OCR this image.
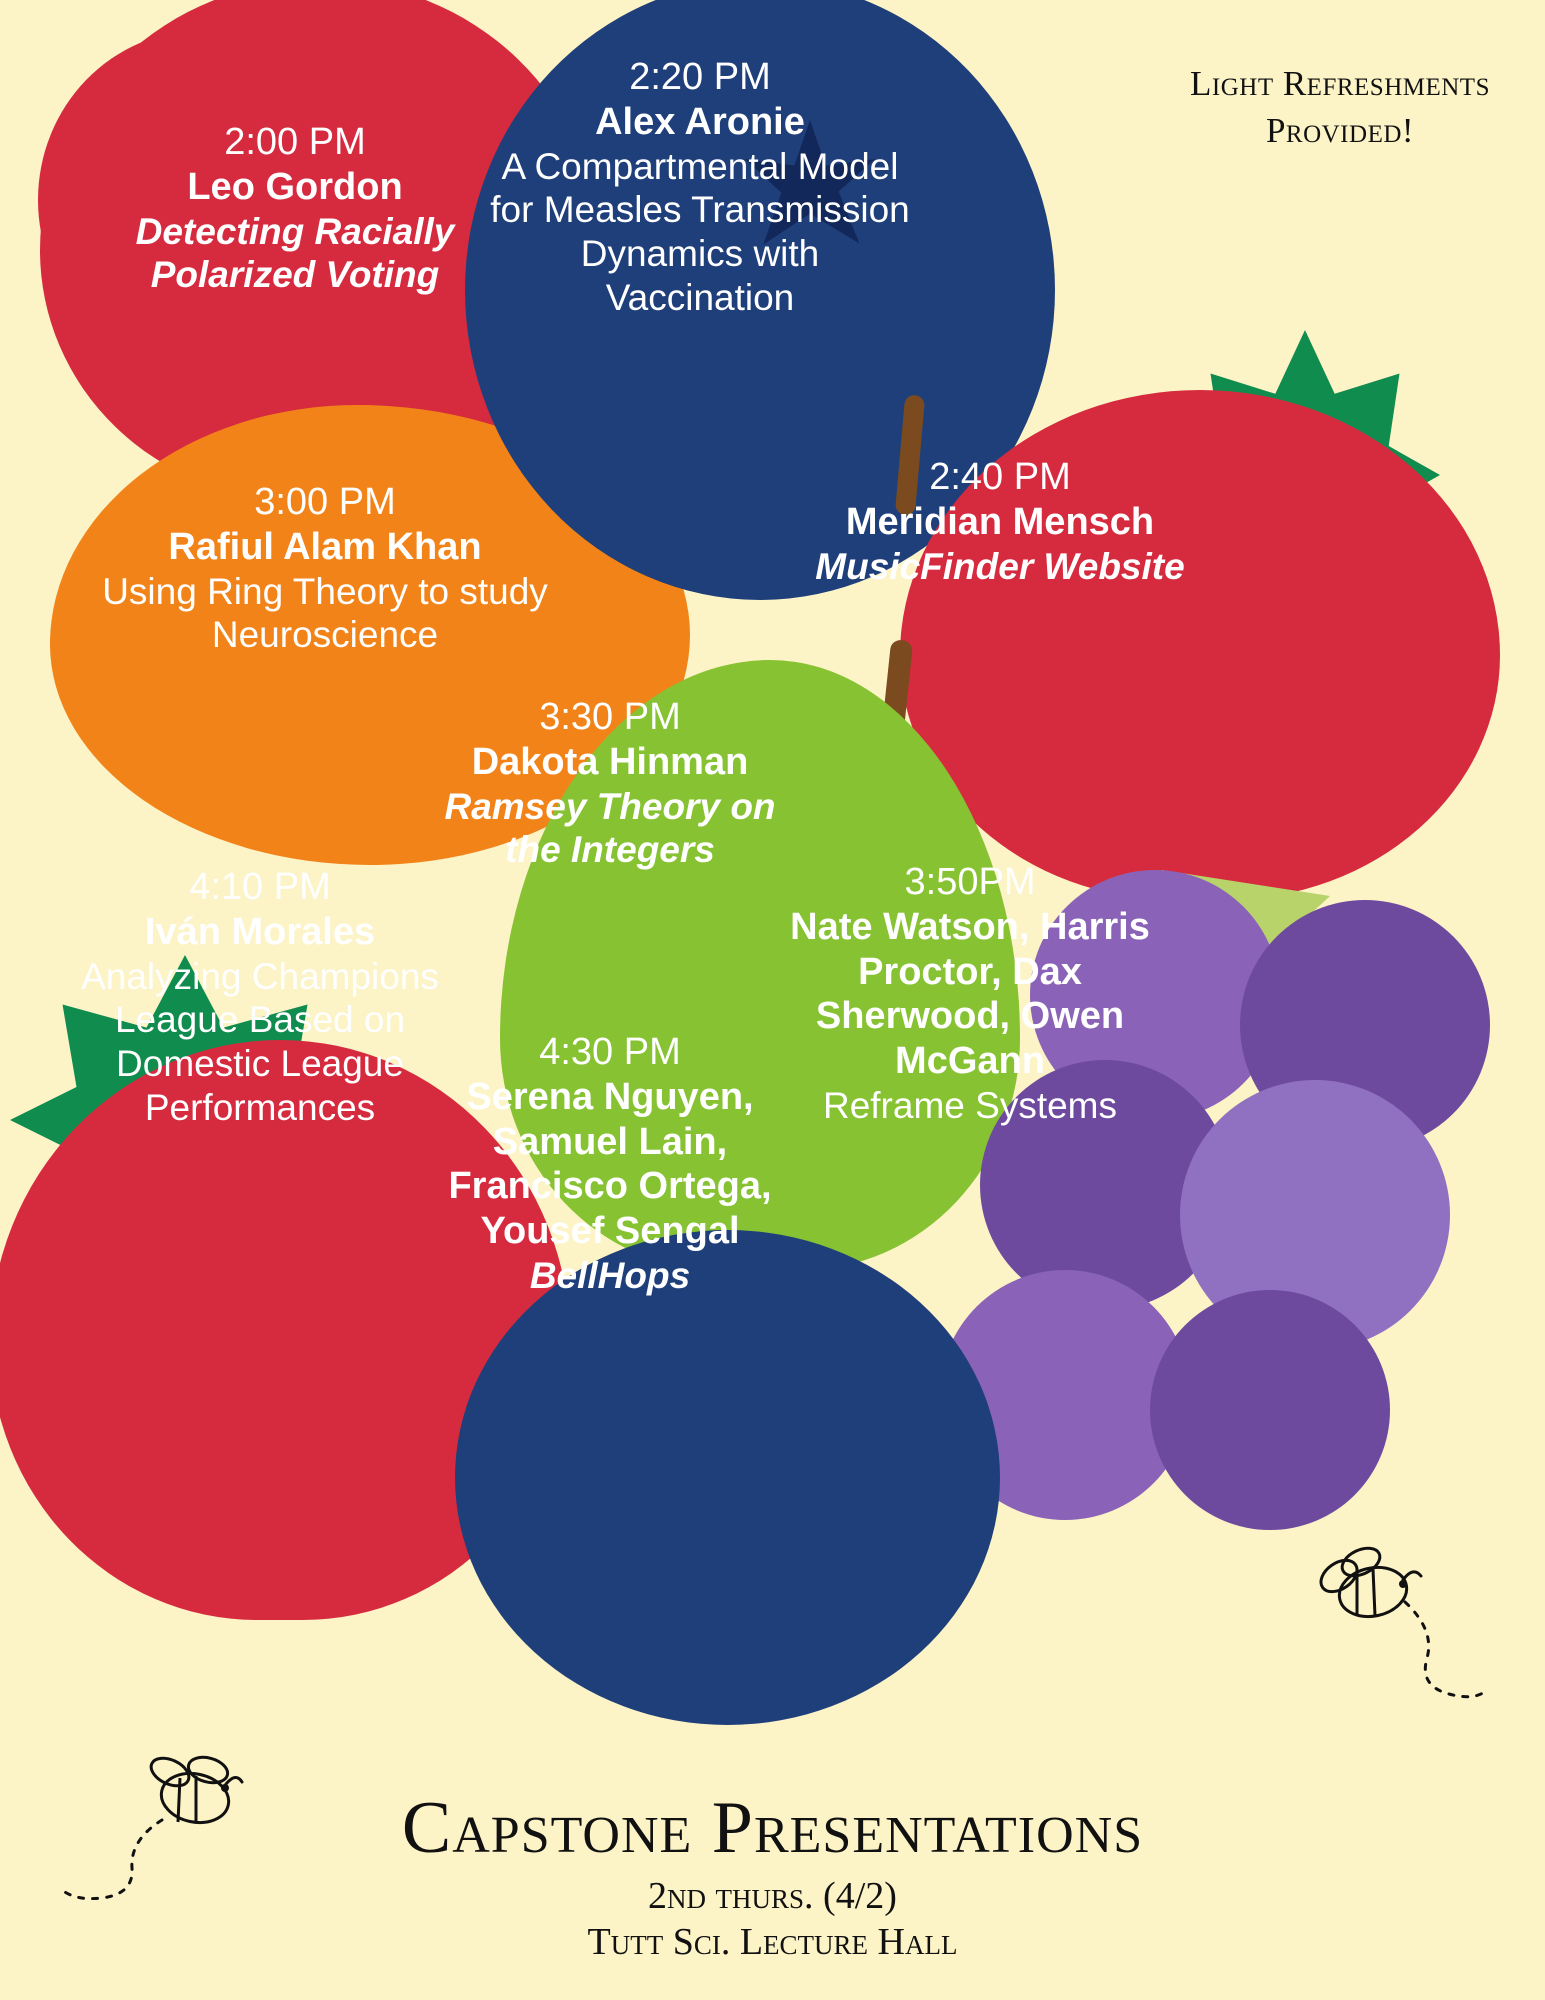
Light Refreshments Provided!
2:00 PM
Leo Gordon
Detecting Racially Polarized Voting
2:20 PM
Alex Aronie
A Compartmental Model for Measles Transmission Dynamics with Vaccination
2:40 PM
Meridian Mensch
MusicFinder Website
3:00 PM
Rafiul Alam Khan
Using Ring Theory to study Neuroscience
3:30 PM
Dakota Hinman
Ramsey Theory on the Integers
3:50PM
Nate Watson, Harris Proctor, Dax Sherwood, Owen McGann
Reframe Systems
4:10 PM
Iván Morales
Analyzing Champions League Based on Domestic League Performances
4:30 PM
Serena Nguyen, Samuel Lain, Francisco Ortega, Yousef Sengal
BellHops
Capstone Presentations
2nd thurs. (4/2)
Tutt Sci. Lecture Hall
